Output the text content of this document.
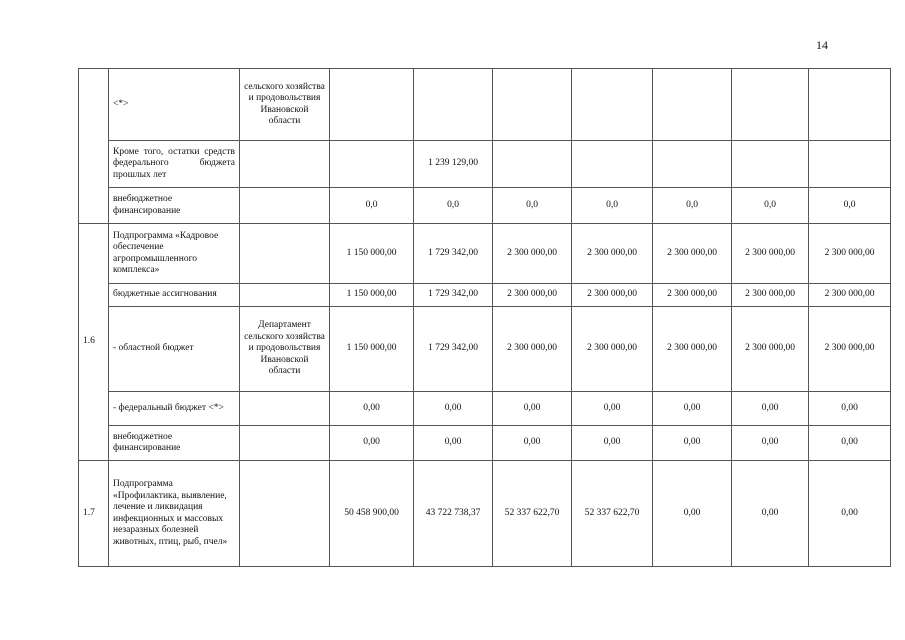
14
	<*>	сельского хозяйства и продовольствия Ивановской области							
	Кроме того, остатки средств федерального бюджета прошлых лет			1 239 129,00					
	внебюджетное финансирование		0,0	0,0	0,0	0,0	0,0	0,0	0,0
1.6	Подпрограмма «Кадровое обеспечение агропромышленного комплекса»		1 150 000,00	1 729 342,00	2 300 000,00	2 300 000,00	2 300 000,00	2 300 000,00	2 300 000,00
	бюджетные ассигнования		1 150 000,00	1 729 342,00	2 300 000,00	2 300 000,00	2 300 000,00	2 300 000,00	2 300 000,00
	- областной бюджет	Департамент сельского хозяйства и продовольствия Ивановской области	1 150 000,00	1 729 342,00	2 300 000,00	2 300 000,00	2 300 000,00	2 300 000,00	2 300 000,00
	- федеральный бюджет <*>		0,00	0,00	0,00	0,00	0,00	0,00	0,00
	внебюджетное финансирование		0,00	0,00	0,00	0,00	0,00	0,00	0,00
1.7	Подпрограмма «Профилактика, выявление, лечение и ликвидация инфекционных и массовых незаразных болезней животных, птиц, рыб, пчел»		50 458 900,00	43 722 738,37	52 337 622,70	52 337 622,70	0,00	0,00	0,00
